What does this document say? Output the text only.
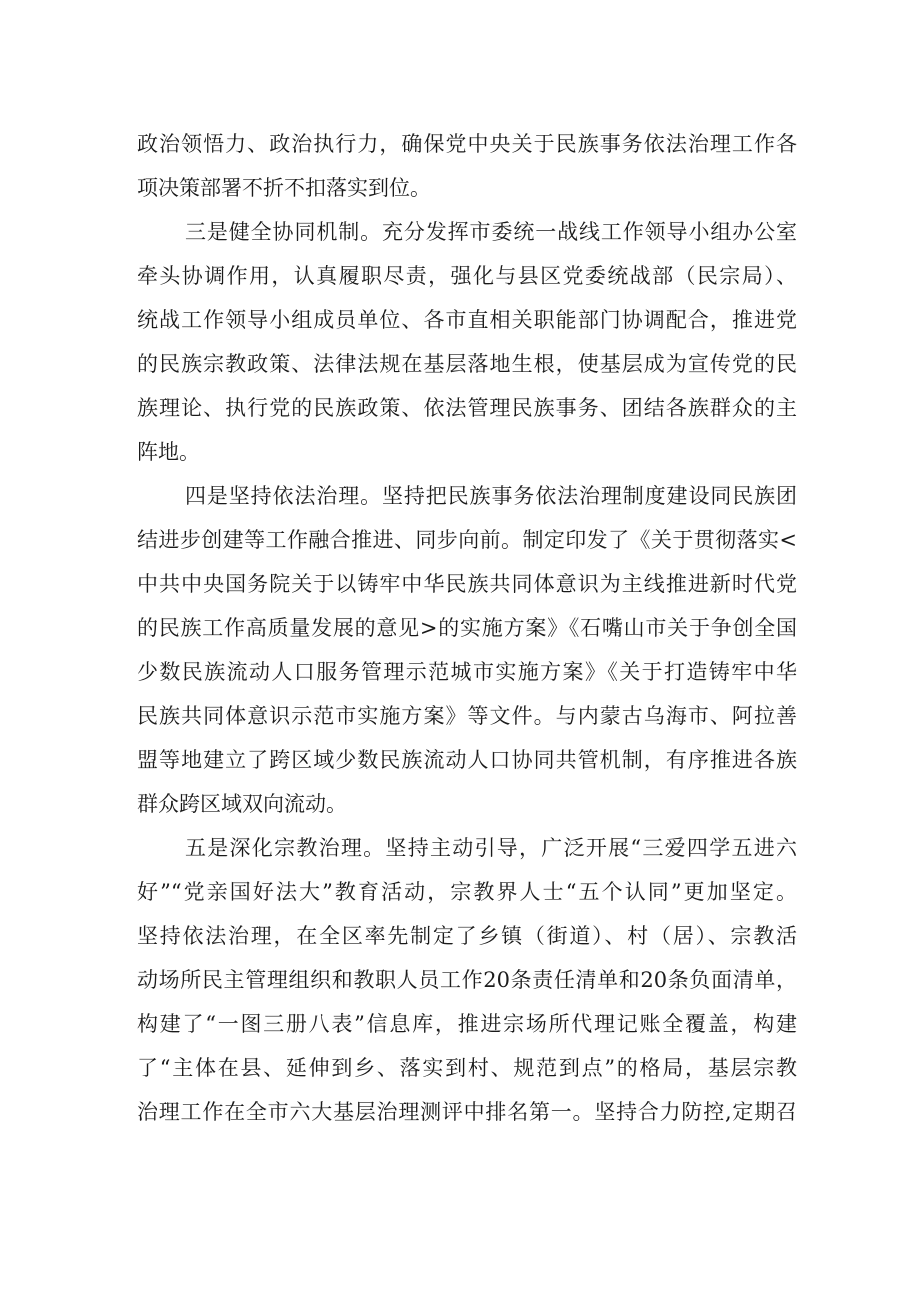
政治领悟力、政治执行力，确保党中央关于民族事务依法治理工作各
项决策部署不折不扣落实到位。
三是健全协同机制。充分发挥市委统一战线工作领导小组办公室
牵头协调作用，认真履职尽责，强化与县区党委统战部（民宗局）、
统战工作领导小组成员单位、各市直相关职能部门协调配合，推进党
的民族宗教政策、法律法规在基层落地生根，使基层成为宣传党的民
族理论、执行党的民族政策、依法管理民族事务、团结各族群众的主
阵地。
四是坚持依法治理。坚持把民族事务依法治理制度建设同民族团
结进步创建等工作融合推进、同步向前。制定印发了《关于贯彻落实<
中共中央国务院关于以铸牢中华民族共同体意识为主线推进新时代党
的民族工作高质量发展的意见>的实施方案》《石嘴山市关于争创全国
少数民族流动人口服务管理示范城市实施方案》《关于打造铸牢中华
民族共同体意识示范市实施方案》等文件。与内蒙古乌海市、阿拉善
盟等地建立了跨区域少数民族流动人口协同共管机制，有序推进各族
群众跨区域双向流动。
五是深化宗教治理。坚持主动引导，广泛开展“三爱四学五进六
好”“党亲国好法大”教育活动，宗教界人士“五个认同”更加坚定。
坚持依法治理，在全区率先制定了乡镇（街道）、村（居）、宗教活
动场所民主管理组织和教职人员工作20条责任清单和20条负面清单，
构建了“一图三册八表”信息库，推进宗场所代理记账全覆盖，构建
了“主体在县、延伸到乡、落实到村、规范到点”的格局，基层宗教
治理工作在全市六大基层治理测评中排名第一。坚持合力防控,定期召
